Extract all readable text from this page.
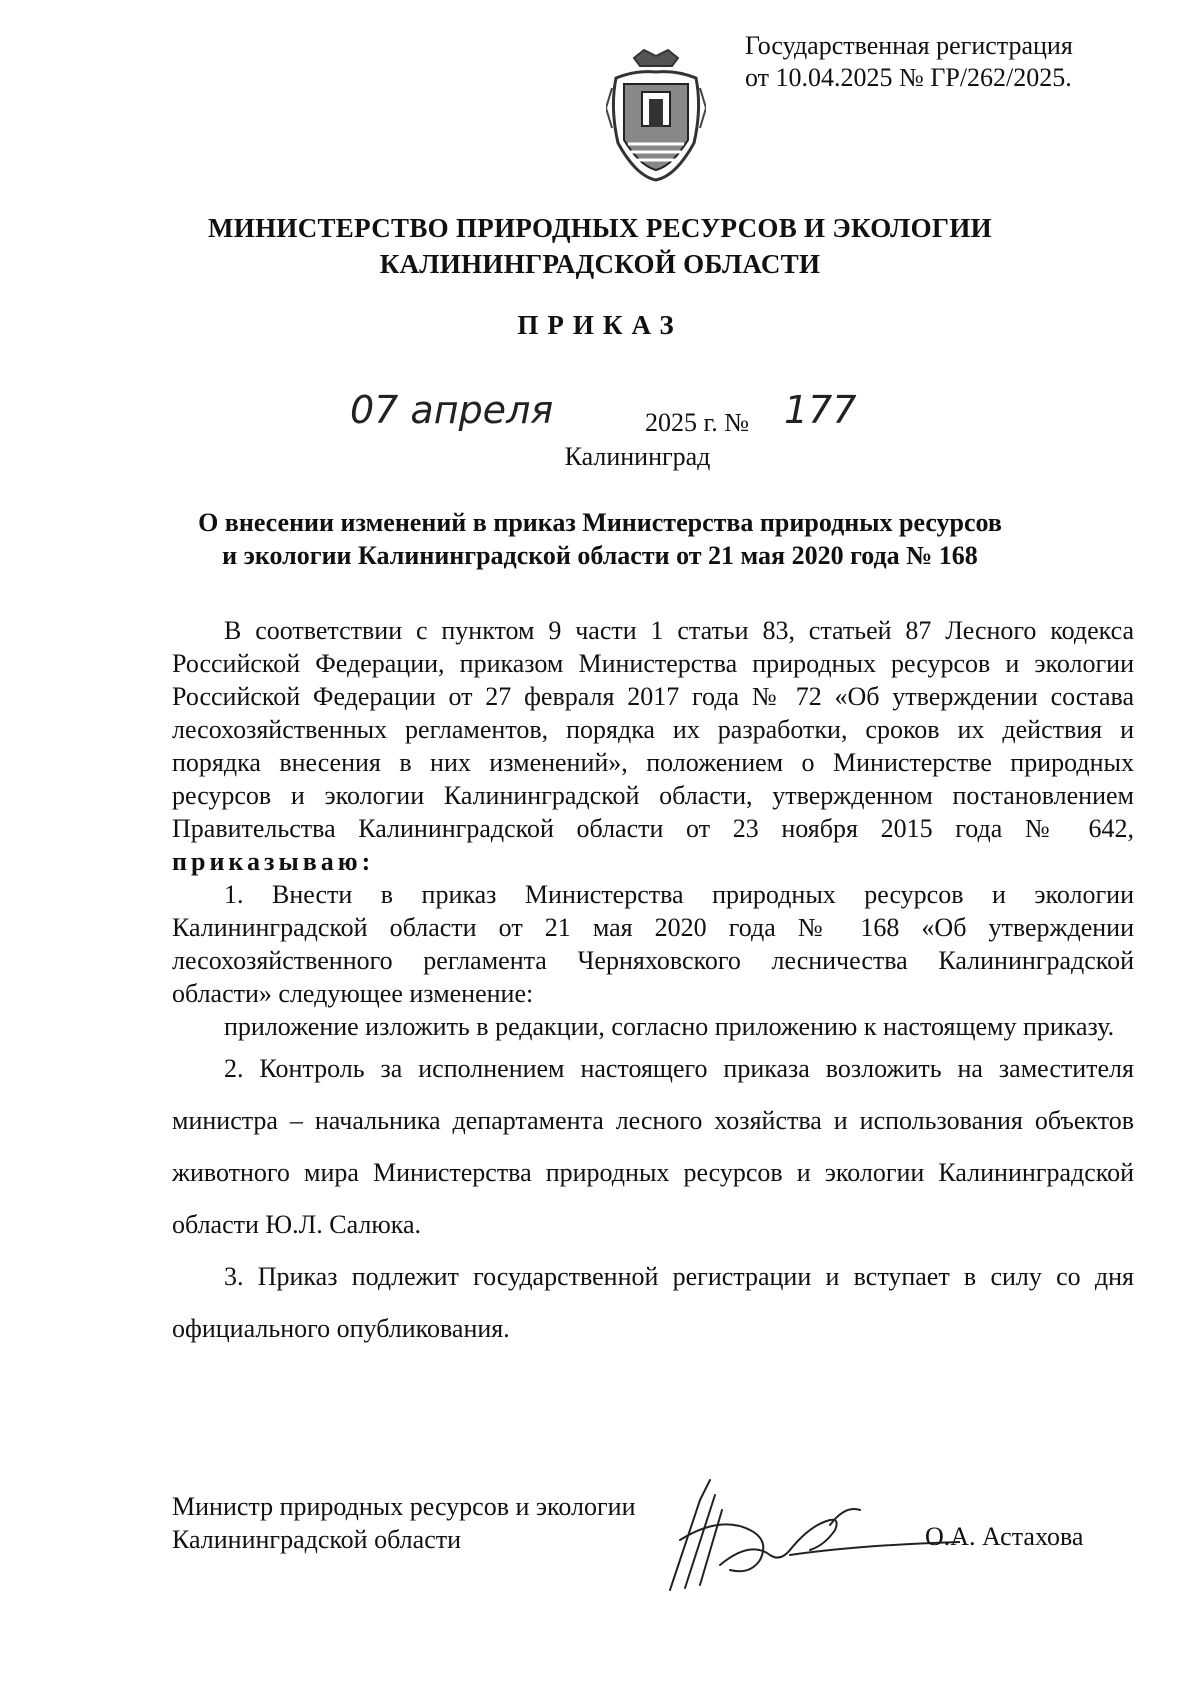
Государственная регистрация
от 10.04.2025 № ГР/262/2025.
МИНИСТЕРСТВО ПРИРОДНЫХ РЕСУРСОВ И ЭКОЛОГИИ
КАЛИНИНГРАДСКОЙ ОБЛАСТИ
ПРИКАЗ
07 апреля	2025 г. № 177
Калининград
О внесении изменений в приказ Министерства природных ресурсов
и экологии Калининградской области от 21 мая 2020 года № 168

В соответствии с пунктом 9 части 1 статьи 83, статьей 87 Лесного кодекса Российской Федерации, приказом Министерства природных ресурсов и экологии Российской Федерации от 27 февраля 2017 года № 72 «Об утверждении состава лесохозяйственных регламентов, порядка их разработки, сроков их действия и порядка внесения в них изменений», положением о Министерстве природных ресурсов и экологии Калининградской области, утвержденном постановлением Правительства Калининградской области от 23 ноября 2015 года № 642, приказываю:

1. Внести в приказ Министерства природных ресурсов и экологии Калининградской области от 21 мая 2020 года № 168 «Об утверждении лесохозяйственного регламента Черняховского лесничества Калининградской области» следующее изменение:

приложение изложить в редакции, согласно приложению к настоящему приказу.

2. Контроль за исполнением настоящего приказа возложить на заместителя министра – начальника департамента лесного хозяйства и использования объектов животного мира Министерства природных ресурсов и экологии Калининградской области Ю.Л. Салюка.

3. Приказ подлежит государственной регистрации и вступает в силу со дня официального опубликования.

Министр природных ресурсов и экологии
Калининградской области	О.А. Астахова
